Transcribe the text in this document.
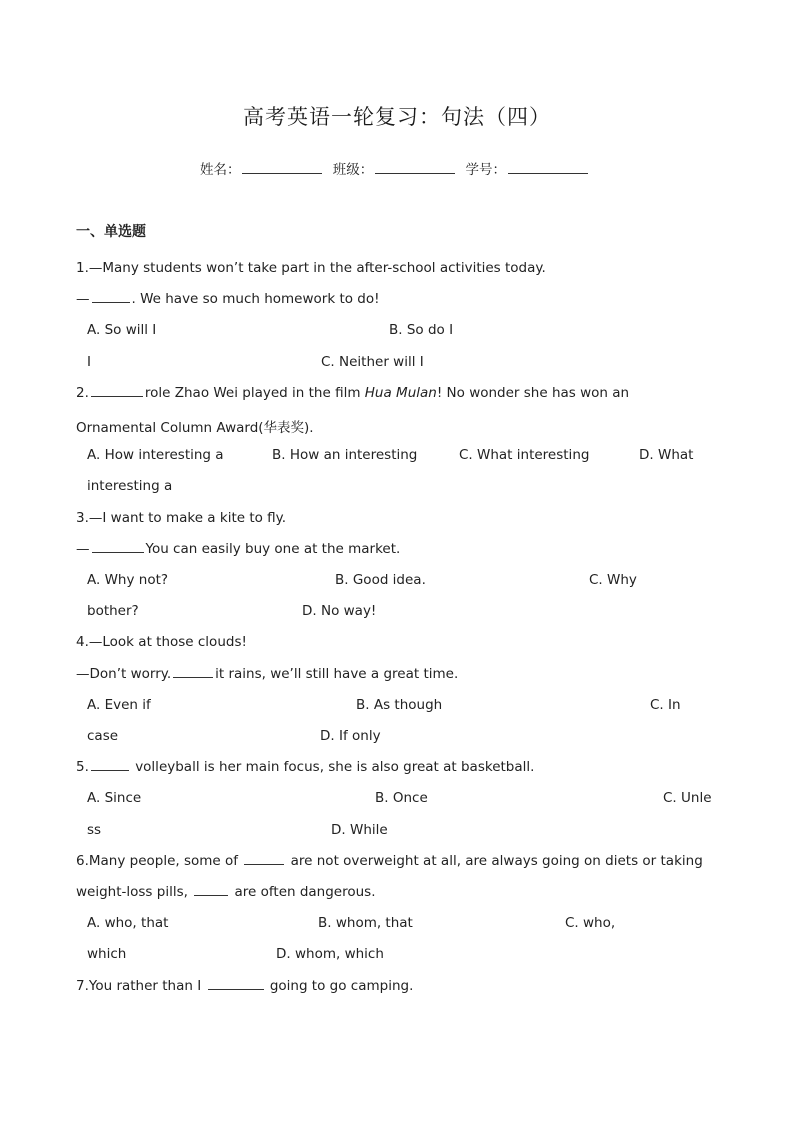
高考英语一轮复习：句法（四）
姓名：	班级：	学号：
一、单选题
1.—Many students won’t take part in the after-school activities today.
—	. We have so much homework to do!
A. So will I	B. So do I
I	C. Neither will I
2.	role Zhao Wei played in the film Hua Mulan! No wonder she has won an
Ornamental Column Award(华表奖).
A. How interesting a	B. How an interesting	C. What interesting	D. What
interesting a
3.—I want to make a kite to fly.
—	You can easily buy one at the market.
A. Why not?	B. Good idea.	C. Why
bother?	D. No way!
4.—Look at those clouds!
—Don’t worry.	it rains, we’ll still have a great time.
A. Even if	B. As though	C. In
case	D. If only
5.	volleyball is her main focus, she is also great at basketball.
A. Since	B. Once	C. Unle
ss	D. While
6.Many people, some of	are not overweight at all, are always going on diets or taking
weight-loss pills,	are often dangerous.
A. who, that	B. whom, that	C. who,
which	D. whom, which
7.You rather than I	going to go camping.
